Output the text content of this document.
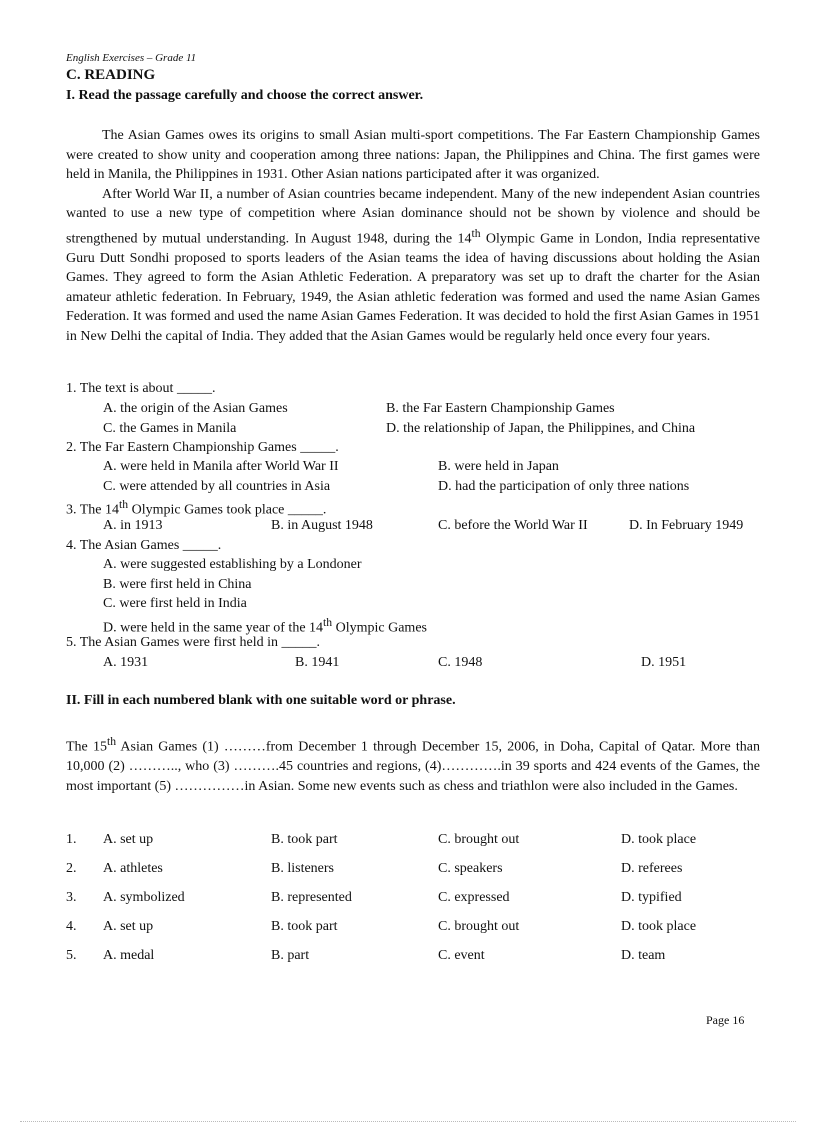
English Exercises – Grade 11
C. READING
I. Read the passage carefully and choose the correct answer.

The Asian Games owes its origins to small Asian multi-sport competitions. The Far Eastern Championship Games were created to show unity and cooperation among three nations: Japan, the Philippines and China. The first games were held in Manila, the Philippines in 1931. Other Asian nations participated after it was organized.

After World War II, a number of Asian countries became independent. Many of the new independent Asian countries wanted to use a new type of competition where Asian dominance should not be shown by violence and should be strengthened by mutual understanding. In August 1948, during the 14th Olympic Game in London, India representative Guru Dutt Sondhi proposed to sports leaders of the Asian teams the idea of having discussions about holding the Asian Games. They agreed to form the Asian Athletic Federation. A preparatory was set up to draft the charter for the Asian amateur athletic federation. In February, 1949, the Asian athletic federation was formed and used the name Asian Games Federation. It was formed and used the name Asian Games Federation. It was decided to hold the first Asian Games in 1951 in New Delhi the capital of India. They added that the Asian Games would be regularly held once every four years.

1. The text is about _____.
A. the origin of the Asian Games	B. the Far Eastern Championship Games
C. the Games in Manila	D. the relationship of Japan, the Philippines, and China
2. The Far Eastern Championship Games _____.
A. were held in Manila after World War II	B. were held in Japan
C. were attended by all countries in Asia	D. had the participation of only three nations
3. The 14th Olympic Games took place _____.
A. in 1913	B. in August 1948	C. before the World War II	D. In February 1949
4. The Asian Games _____.
A. were suggested establishing by a Londoner
B. were first held in China
C. were first held in India
D. were held in the same year of the 14th Olympic Games
5. The Asian Games were first held in _____.
A. 1931	B. 1941	C. 1948	D. 1951
II. Fill in each numbered blank with one suitable word or phrase.

The 15th Asian Games (1) ………from December 1 through December 15, 2006, in Doha, Capital of Qatar. More than 10,000 (2) ……….., who (3) ……….45 countries and regions, (4)………….in 39 sports and 424 events of the Games, the most important (5) ……………in Asian. Some new events such as chess and triathlon were also included in the Games.

1. A. set up	B. took part	C. brought out	D. took place
2. A. athletes	B. listeners	C. speakers	D. referees
3. A. symbolized	B. represented	C. expressed	D. typified
4. A. set up	B. took part	C. brought out	D. took place
5. A. medal	B. part	C. event	D. team
Page 16
